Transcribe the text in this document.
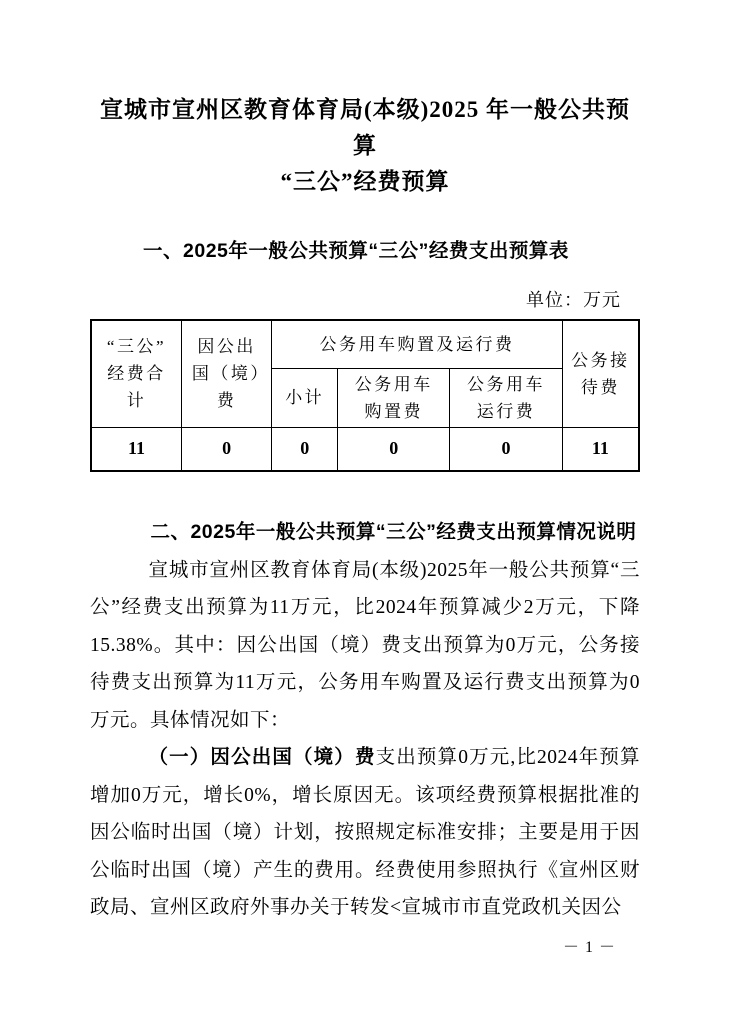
宣城市宣州区教育体育局(本级)2025 年一般公共预算
“三公”经费预算
一、2025年一般公共预算“三公”经费支出预算表
单位：万元
“三公”经费合计	因公出国（境）费	公务用车购置及运行费			公务接待费
		小计	公务用车购置费	公务用车运行费	
11	0	0	0	0	11
二、2025年一般公共预算“三公”经费支出预算情况说明

宣城市宣州区教育体育局(本级)2025年一般公共预算“三公”经费支出预算为11万元，比2024年预算减少2万元，下降15.38%。其中：因公出国（境）费支出预算为0万元，公务接待费支出预算为11万元，公务用车购置及运行费支出预算为0万元。具体情况如下：

（一）因公出国（境）费支出预算0万元,比2024年预算增加0万元，增长0%，增长原因无。该项经费预算根据批准的因公临时出国（境）计划，按照规定标准安排；主要是用于因公临时出国（境）产生的费用。经费使用参照执行《宣州区财政局、宣州区政府外事办关于转发<宣城市市直党政机关因公

－ 1 －
